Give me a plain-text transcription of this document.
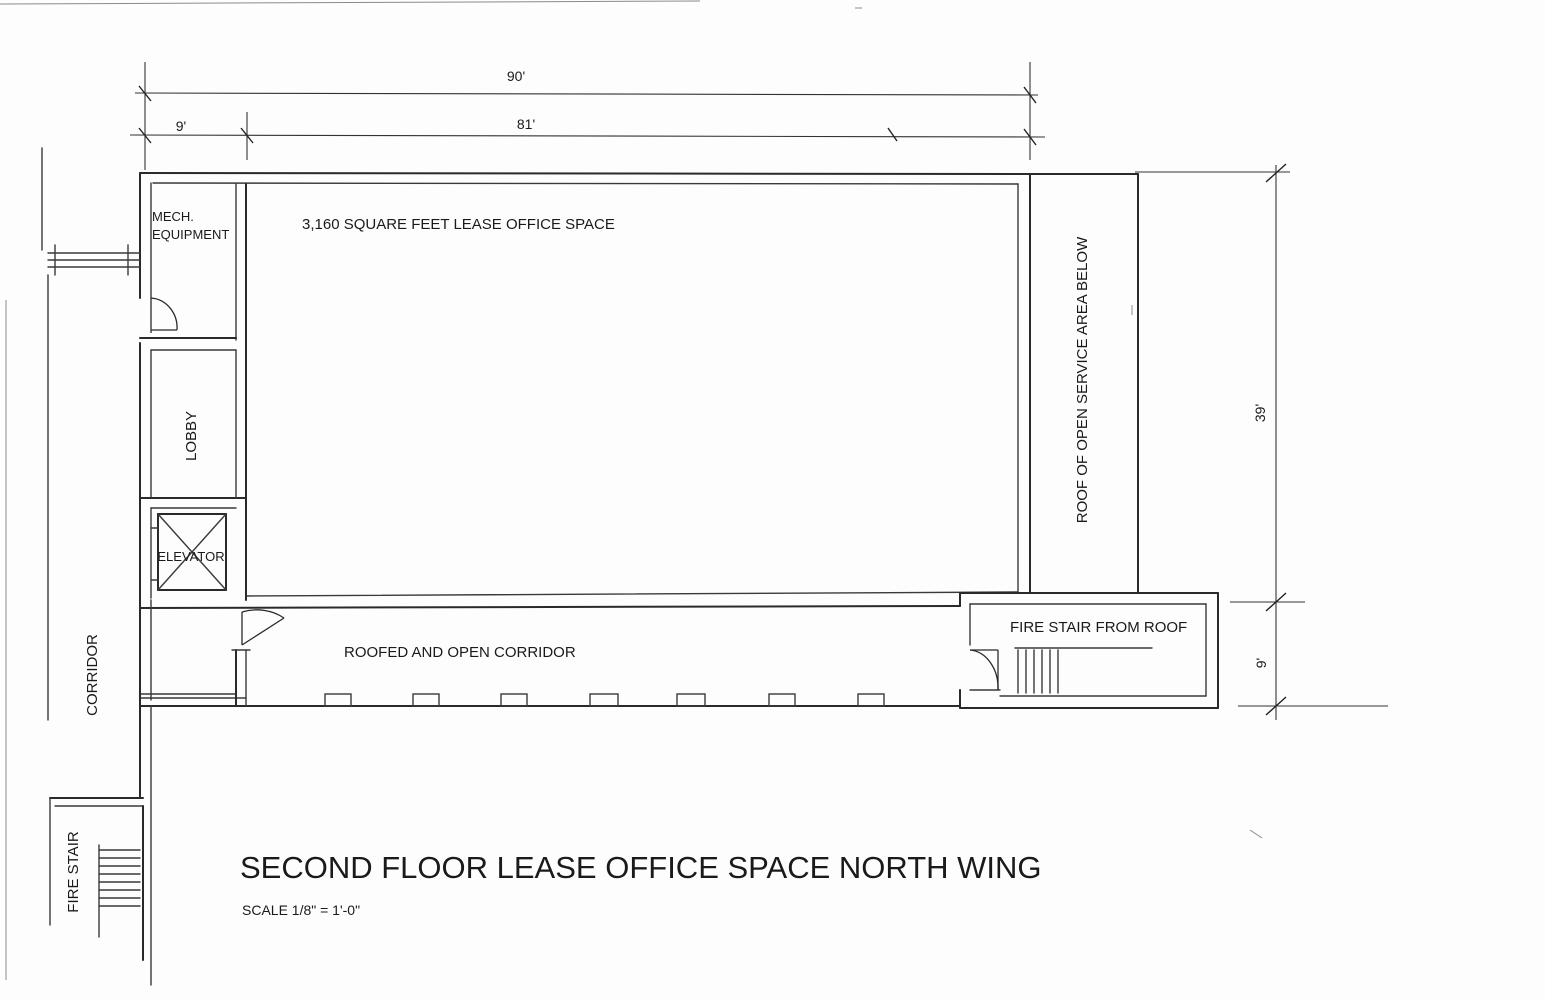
90'
9'	81'
39'
9'
MECH.
EQUIPMENT
3,160 SQUARE FEET LEASE OFFICE SPACE
LOBBY
ELEVATOR
ROOF OF OPEN SERVICE AREA BELOW
ROOFED AND OPEN CORRIDOR
FIRE STAIR FROM ROOF
CORRIDOR
FIRE STAIR	SECOND FLOOR LEASE OFFICE SPACE NORTH WING
SCALE 1/8" = 1'-0"
